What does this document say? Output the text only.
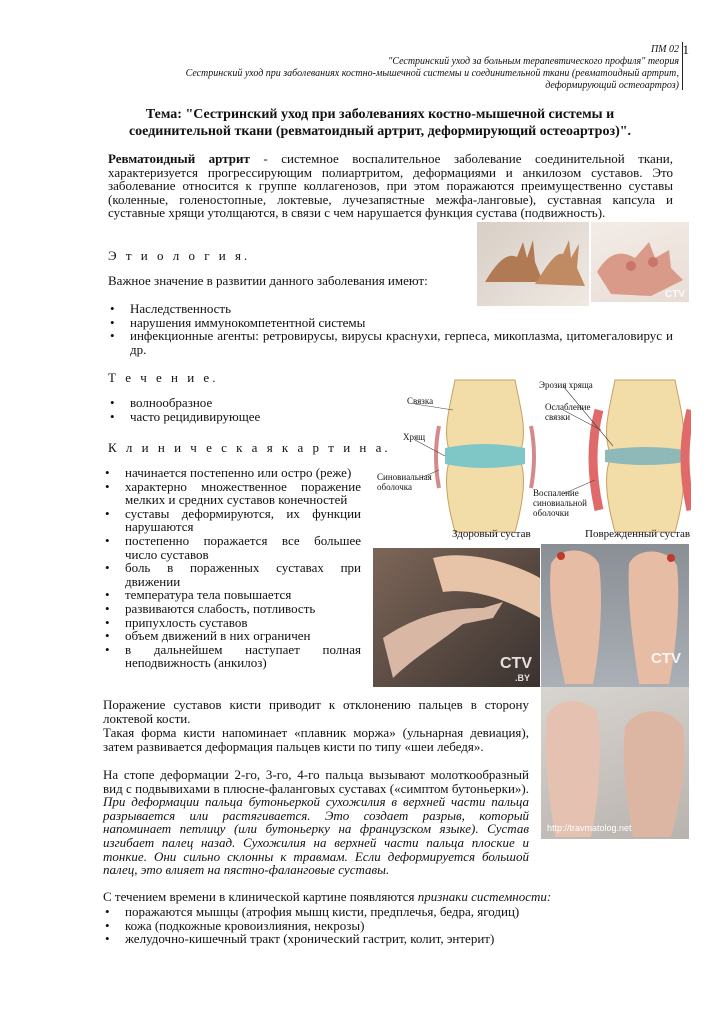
ПМ 02
"Сестринский уход за больным терапевтического профиля" теория
Сестринский уход при заболеваниях костно-мышечной системы и соединительной ткани (ревматоидный артрит,
деформирующий остеоартроз)
1
Тема: "Сестринский уход при заболеваниях костно-мышечной системы и соединительной ткани (ревматоидный артрит, деформирующий остеоартроз)".
Ревматоидный артрит - системное воспалительное заболевание соединительной ткани, характеризуется прогрессирующим полиартритом, деформациями и анкилозом суставов. Это заболевание относится к группе коллагенозов, при этом поражаются преимущественно суставы (коленные, голеностопные, локтевые, лучезапястные межфа-ланговые), суставная капсула и суставные хрящи утолщаются, в связи с чем нарушается функция сустава (подвижность).
Э т и о л о г и я.
Важное значение в развитии данного заболевания имеют:
• Наследственность
• нарушения иммунокомпетентной системы
• инфекционные агенты: ретровирусы, вирусы краснухи, герпеса, микоплазма, цитомегаловирус и др.
Т е ч е н и е.
• волнообразное
• часто рецидивирующее
К л и н и ч е с к а я к а р т и н а.
• начинается постепенно или остро (реже)
• характерно множественное поражение мелких и средних суставов конечностей
• суставы деформируются, их функции нарушаются
• постепенно поражается все большее число суставов
• боль в пораженных суставах при движении
• температура тела повышается
• развиваются слабость, потливость
• припухлость суставов
• объем движений в них ограничен
• в дальнейшем наступает полная неподвижность (анкилоз)
Поражение суставов кисти приводит к отклонению пальцев в сторону локтевой кости.
Такая форма кисти напоминает «плавник моржа» (ульнарная девиация), затем развивается деформация пальцев кисти по типу «шеи лебедя».
На стопе деформации 2-го, 3-го, 4-го пальца вызывают молоткообразный вид с подвывихами в плюсне-фаланговых суставах («симптом бутоньерки»). При деформации пальца бутоньеркой сухожилия в верхней части пальца разрывается или растягивается. Это создает разрыв, который напоминает петлицу (или бутоньерку на французском языке). Сустав изгибает палец назад. Сухожилия на верхней части пальца плоские и тонкие. Они сильно склонны к травмам. Если деформируется большой палец, это влияет на пястно-фаланговые суставы.
С течением времени в клинической картине появляются признаки системности:
• поражаются мышцы (атрофия мышц кисти, предплечья, бедра, ягодиц)
• кожа (подкожные кровоизлияния, некрозы)
• желудочно-кишечный тракт (хронический гастрит, колит, энтерит)
CTV
Связка
Хрящ
Синовиальная оболочка
Эрозия хряща
Ослабление связки
Воспаление синовиальной оболочки
Здоровый сустав	Поврежденный сустав
CTV
.BY
CTV
http://travmatolog.net
